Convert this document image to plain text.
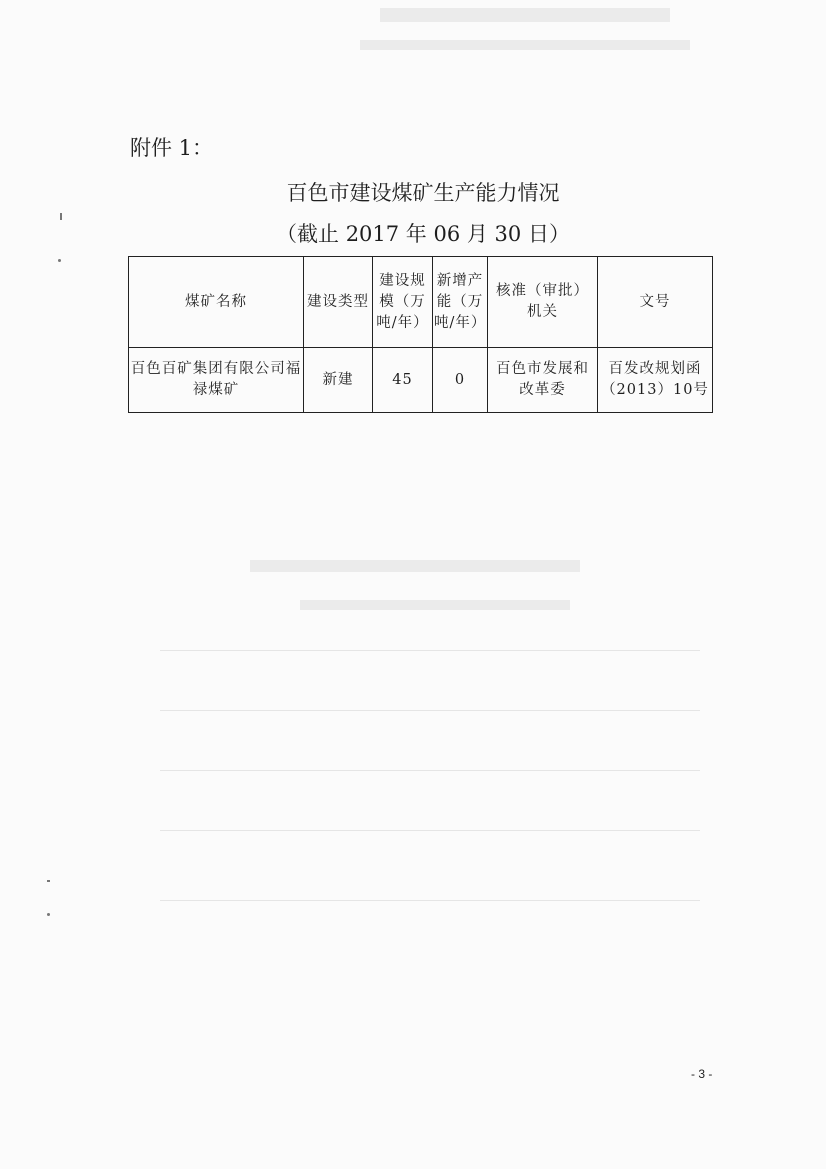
附件 1：
百色市建设煤矿生产能力情况
（截止 2017 年 06 月 30 日）
煤矿名称	建设类型	建设规模（万吨/年）	新增产能（万吨/年）	核准（审批）机关	文号
百色百矿集团有限公司福禄煤矿	新建	45	0	百色市发展和改革委	百发改规划函（2013）10号
- 3 -
